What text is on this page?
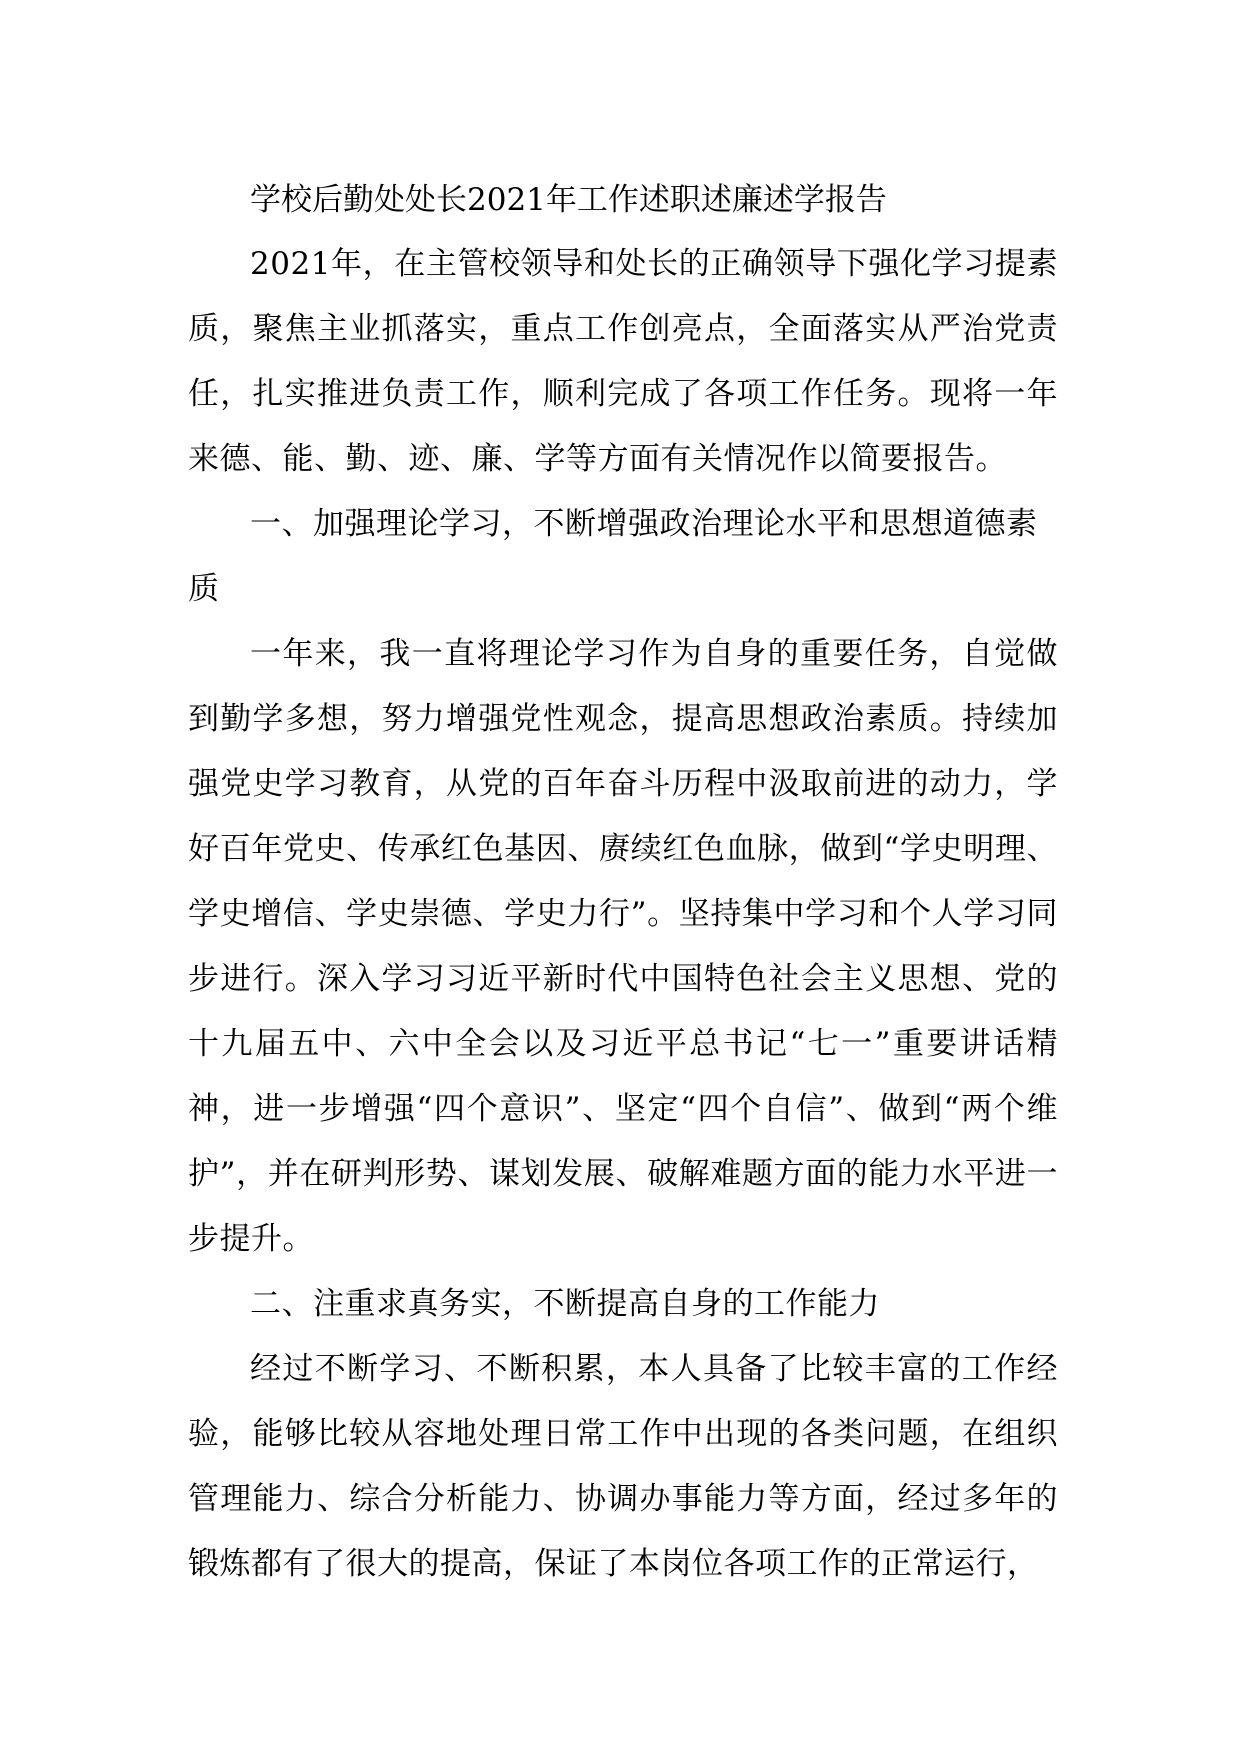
学校后勤处处长2021年工作述职述廉述学报告

2021年，在主管校领导和处长的正确领导下强化学习提素质，聚焦主业抓落实，重点工作创亮点，全面落实从严治党责任，扎实推进负责工作，顺利完成了各项工作任务。现将一年来德、能、勤、迹、廉、学等方面有关情况作以简要报告。

一、加强理论学习，不断增强政治理论水平和思想道德素质

一年来，我一直将理论学习作为自身的重要任务，自觉做到勤学多想，努力增强党性观念，提高思想政治素质。持续加强党史学习教育，从党的百年奋斗历程中汲取前进的动力，学好百年党史、传承红色基因、赓续红色血脉，做到“学史明理、学史增信、学史崇德、学史力行”。坚持集中学习和个人学习同步进行。深入学习习近平新时代中国特色社会主义思想、党的十九届五中、六中全会以及习近平总书记“七一”重要讲话精神，进一步增强“四个意识”、坚定“四个自信”、做到“两个维护”，并在研判形势、谋划发展、破解难题方面的能力水平进一步提升。

二、注重求真务实，不断提高自身的工作能力

经过不断学习、不断积累，本人具备了比较丰富的工作经验，能够比较从容地处理日常工作中出现的各类问题，在组织管理能力、综合分析能力、协调办事能力等方面，经过多年的锻炼都有了很大的提高，保证了本岗位各项工作的正常运行，
